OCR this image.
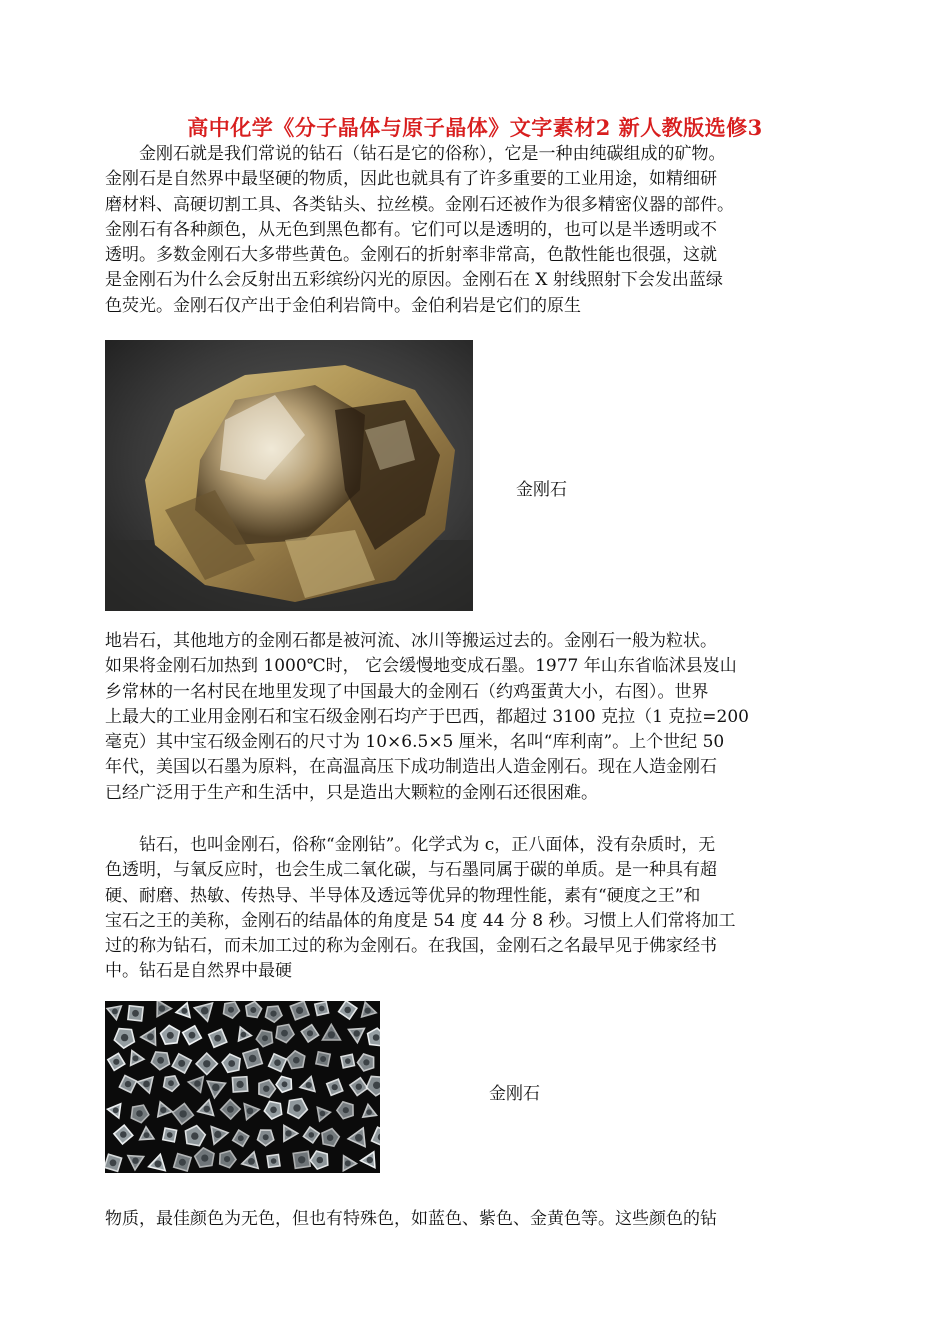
高中化学《分子晶体与原子晶体》文字素材2 新人教版选修3
　　金刚石就是我们常说的钻石（钻石是它的俗称），它是一种由纯碳组成的矿物。
金刚石是自然界中最坚硬的物质，因此也就具有了许多重要的工业用途，如精细研
磨材料、高硬切割工具、各类钻头、拉丝模。金刚石还被作为很多精密仪器的部件。
金刚石有各种颜色，从无色到黑色都有。它们可以是透明的，也可以是半透明或不
透明。多数金刚石大多带些黄色。金刚石的折射率非常高，色散性能也很强，这就
是金刚石为什么会反射出五彩缤纷闪光的原因。金刚石在 X 射线照射下会发出蓝绿
色荧光。金刚石仅产出于金伯利岩筒中。金伯利岩是它们的原生
金刚石
地岩石，其他地方的金刚石都是被河流、冰川等搬运过去的。金刚石一般为粒状。
如果将金刚石加热到 1000℃时， 它会缓慢地变成石墨。1977 年山东省临沭县岌山
乡常林的一名村民在地里发现了中国最大的金刚石（约鸡蛋黄大小，右图）。世界
上最大的工业用金刚石和宝石级金刚石均产于巴西，都超过 3100 克拉（1 克拉=200
毫克）其中宝石级金刚石的尺寸为 10×6.5×5 厘米，名叫“库利南”。上个世纪 50
年代，美国以石墨为原料，在高温高压下成功制造出人造金刚石。现在人造金刚石
已经广泛用于生产和生活中，只是造出大颗粒的金刚石还很困难。
　　钻石，也叫金刚石，俗称“金刚钻”。化学式为 c，正八面体，没有杂质时，无
色透明，与氧反应时，也会生成二氧化碳，与石墨同属于碳的单质。是一种具有超
硬、耐磨、热敏、传热导、半导体及透远等优异的物理性能，素有“硬度之王”和
宝石之王的美称，金刚石的结晶体的角度是 54 度 44 分 8 秒。习惯上人们常将加工
过的称为钻石，而未加工过的称为金刚石。在我国，金刚石之名最早见于佛家经书
中。钻石是自然界中最硬
金刚石
物质，最佳颜色为无色，但也有特殊色，如蓝色、紫色、金黄色等。这些颜色的钻
